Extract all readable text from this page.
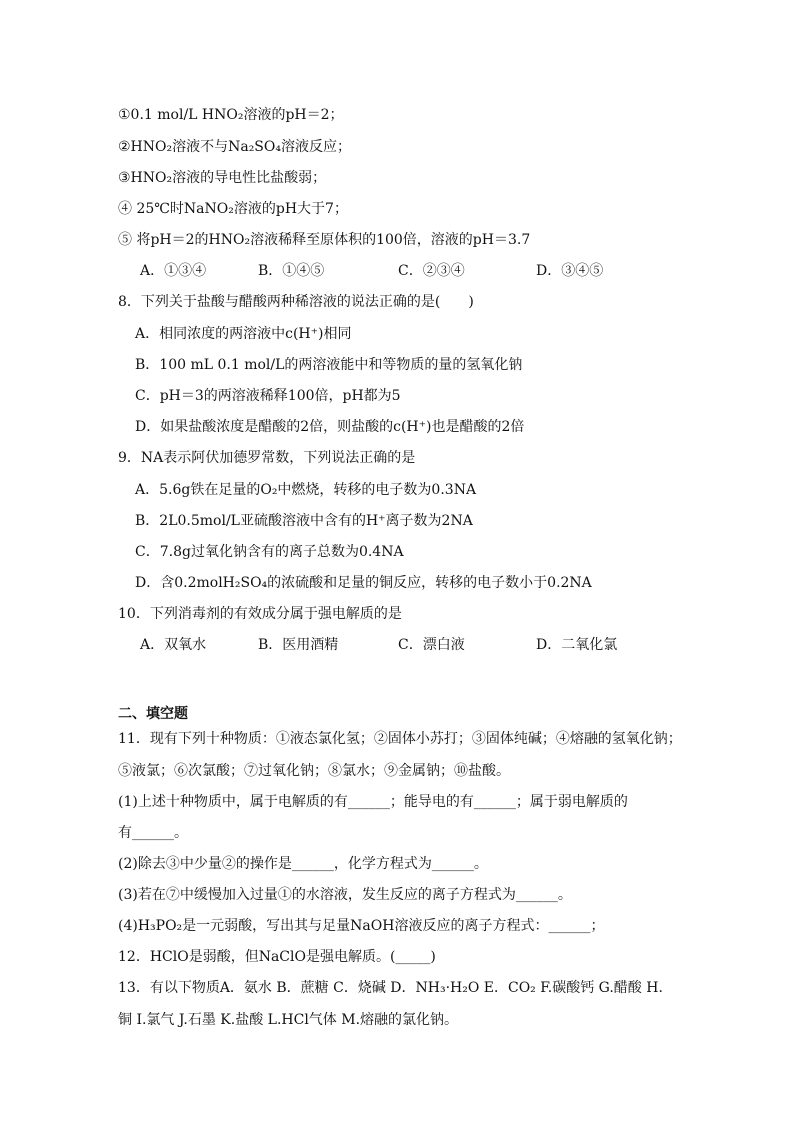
①0.1 mol/L HNO₂溶液的pH＝2；
②HNO₂溶液不与Na₂SO₄溶液反应；
③HNO₂溶液的导电性比盐酸弱；
④ 25℃时NaNO₂溶液的pH大于7；
⑤ 将pH＝2的HNO₂溶液稀释至原体积的100倍，溶液的pH＝3.7
A．①③④	B．①④⑤	C．②③④	D．③④⑤
8．下列关于盐酸与醋酸两种稀溶液的说法正确的是(　　)
A．相同浓度的两溶液中c(H⁺)相同
B．100 mL 0.1 mol/L的两溶液能中和等物质的量的氢氧化钠
C．pH＝3的两溶液稀释100倍，pH都为5
D．如果盐酸浓度是醋酸的2倍，则盐酸的c(H⁺)也是醋酸的2倍
9．NA表示阿伏加德罗常数，下列说法正确的是
A．5.6g铁在足量的O₂中燃烧，转移的电子数为0.3NA
B．2L0.5mol/L亚硫酸溶液中含有的H⁺离子数为2NA
C．7.8g过氧化钠含有的离子总数为0.4NA
D．含0.2molH₂SO₄的浓硫酸和足量的铜反应，转移的电子数小于0.2NA
10．下列消毒剂的有效成分属于强电解质的是
A．双氧水	B．医用酒精	C．漂白液	D．二氧化氯
二、填空题
11．现有下列十种物质：①液态氯化氢；②固体小苏打；③固体纯碱；④熔融的氢氧化钠；
⑤液氯；⑥次氯酸；⑦过氧化钠；⑧氯水；⑨金属钠；⑩盐酸。
(1)上述十种物质中，属于电解质的有______；能导电的有______；属于弱电解质的
有______。
(2)除去③中少量②的操作是______，化学方程式为______。
(3)若在⑦中缓慢加入过量①的水溶液，发生反应的离子方程式为______。
(4)H₃PO₂是一元弱酸，写出其与足量NaOH溶液反应的离子方程式：______；
12．HClO是弱酸，但NaClO是强电解质。(_____)
13．有以下物质A．氨水 B．蔗糖 C．烧碱 D．NH₃·H₂O E．CO₂ F.碳酸钙 G.醋酸 H.
铜 I.氯气 J.石墨 K.盐酸 L.HCl气体 M.熔融的氯化钠。
